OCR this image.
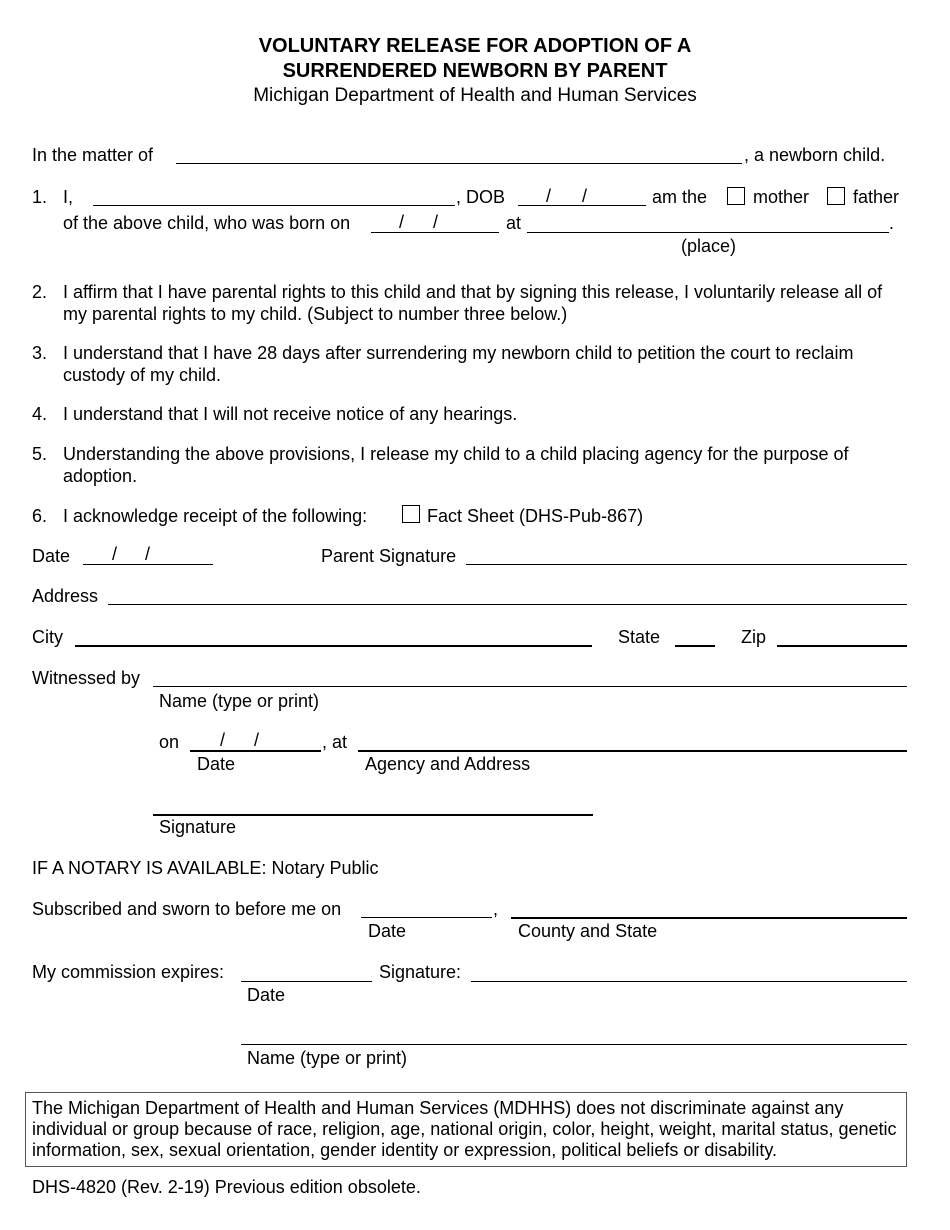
VOLUNTARY RELEASE FOR ADOPTION OF A
SURRENDERED NEWBORN BY PARENT
Michigan Department of Health and Human Services
In the matter of	, a newborn child.
1. I,	, DOB / /	am the	mother father
of the above child, who was born on	/ /	at	.
(place)
2. I affirm that I have parental rights to this child and that by signing this release, I voluntarily release all of my parental rights to my child. (Subject to number three below.)
3. I understand that I have 28 days after surrendering my newborn child to petition the court to reclaim custody of my child.
4. I understand that I will not receive notice of any hearings.
5. Understanding the above provisions, I release my child to a child placing agency for the purpose of adoption.
6. I acknowledge receipt of the following:	Fact Sheet (DHS-Pub-867)
Date / /	Parent Signature
Address
City	State	Zip
Witnessed by
Name (type or print)
on / /	, at
Date	Agency and Address
Signature
IF A NOTARY IS AVAILABLE: Notary Public
Subscribed and sworn to before me on	,
Date	County and State
My commission expires:	Signature:
Date
Name (type or print)
The Michigan Department of Health and Human Services (MDHHS) does not discriminate against any individual or group because of race, religion, age, national origin, color, height, weight, marital status, genetic information, sex, sexual orientation, gender identity or expression, political beliefs or disability.
DHS-4820 (Rev. 2-19) Previous edition obsolete.
